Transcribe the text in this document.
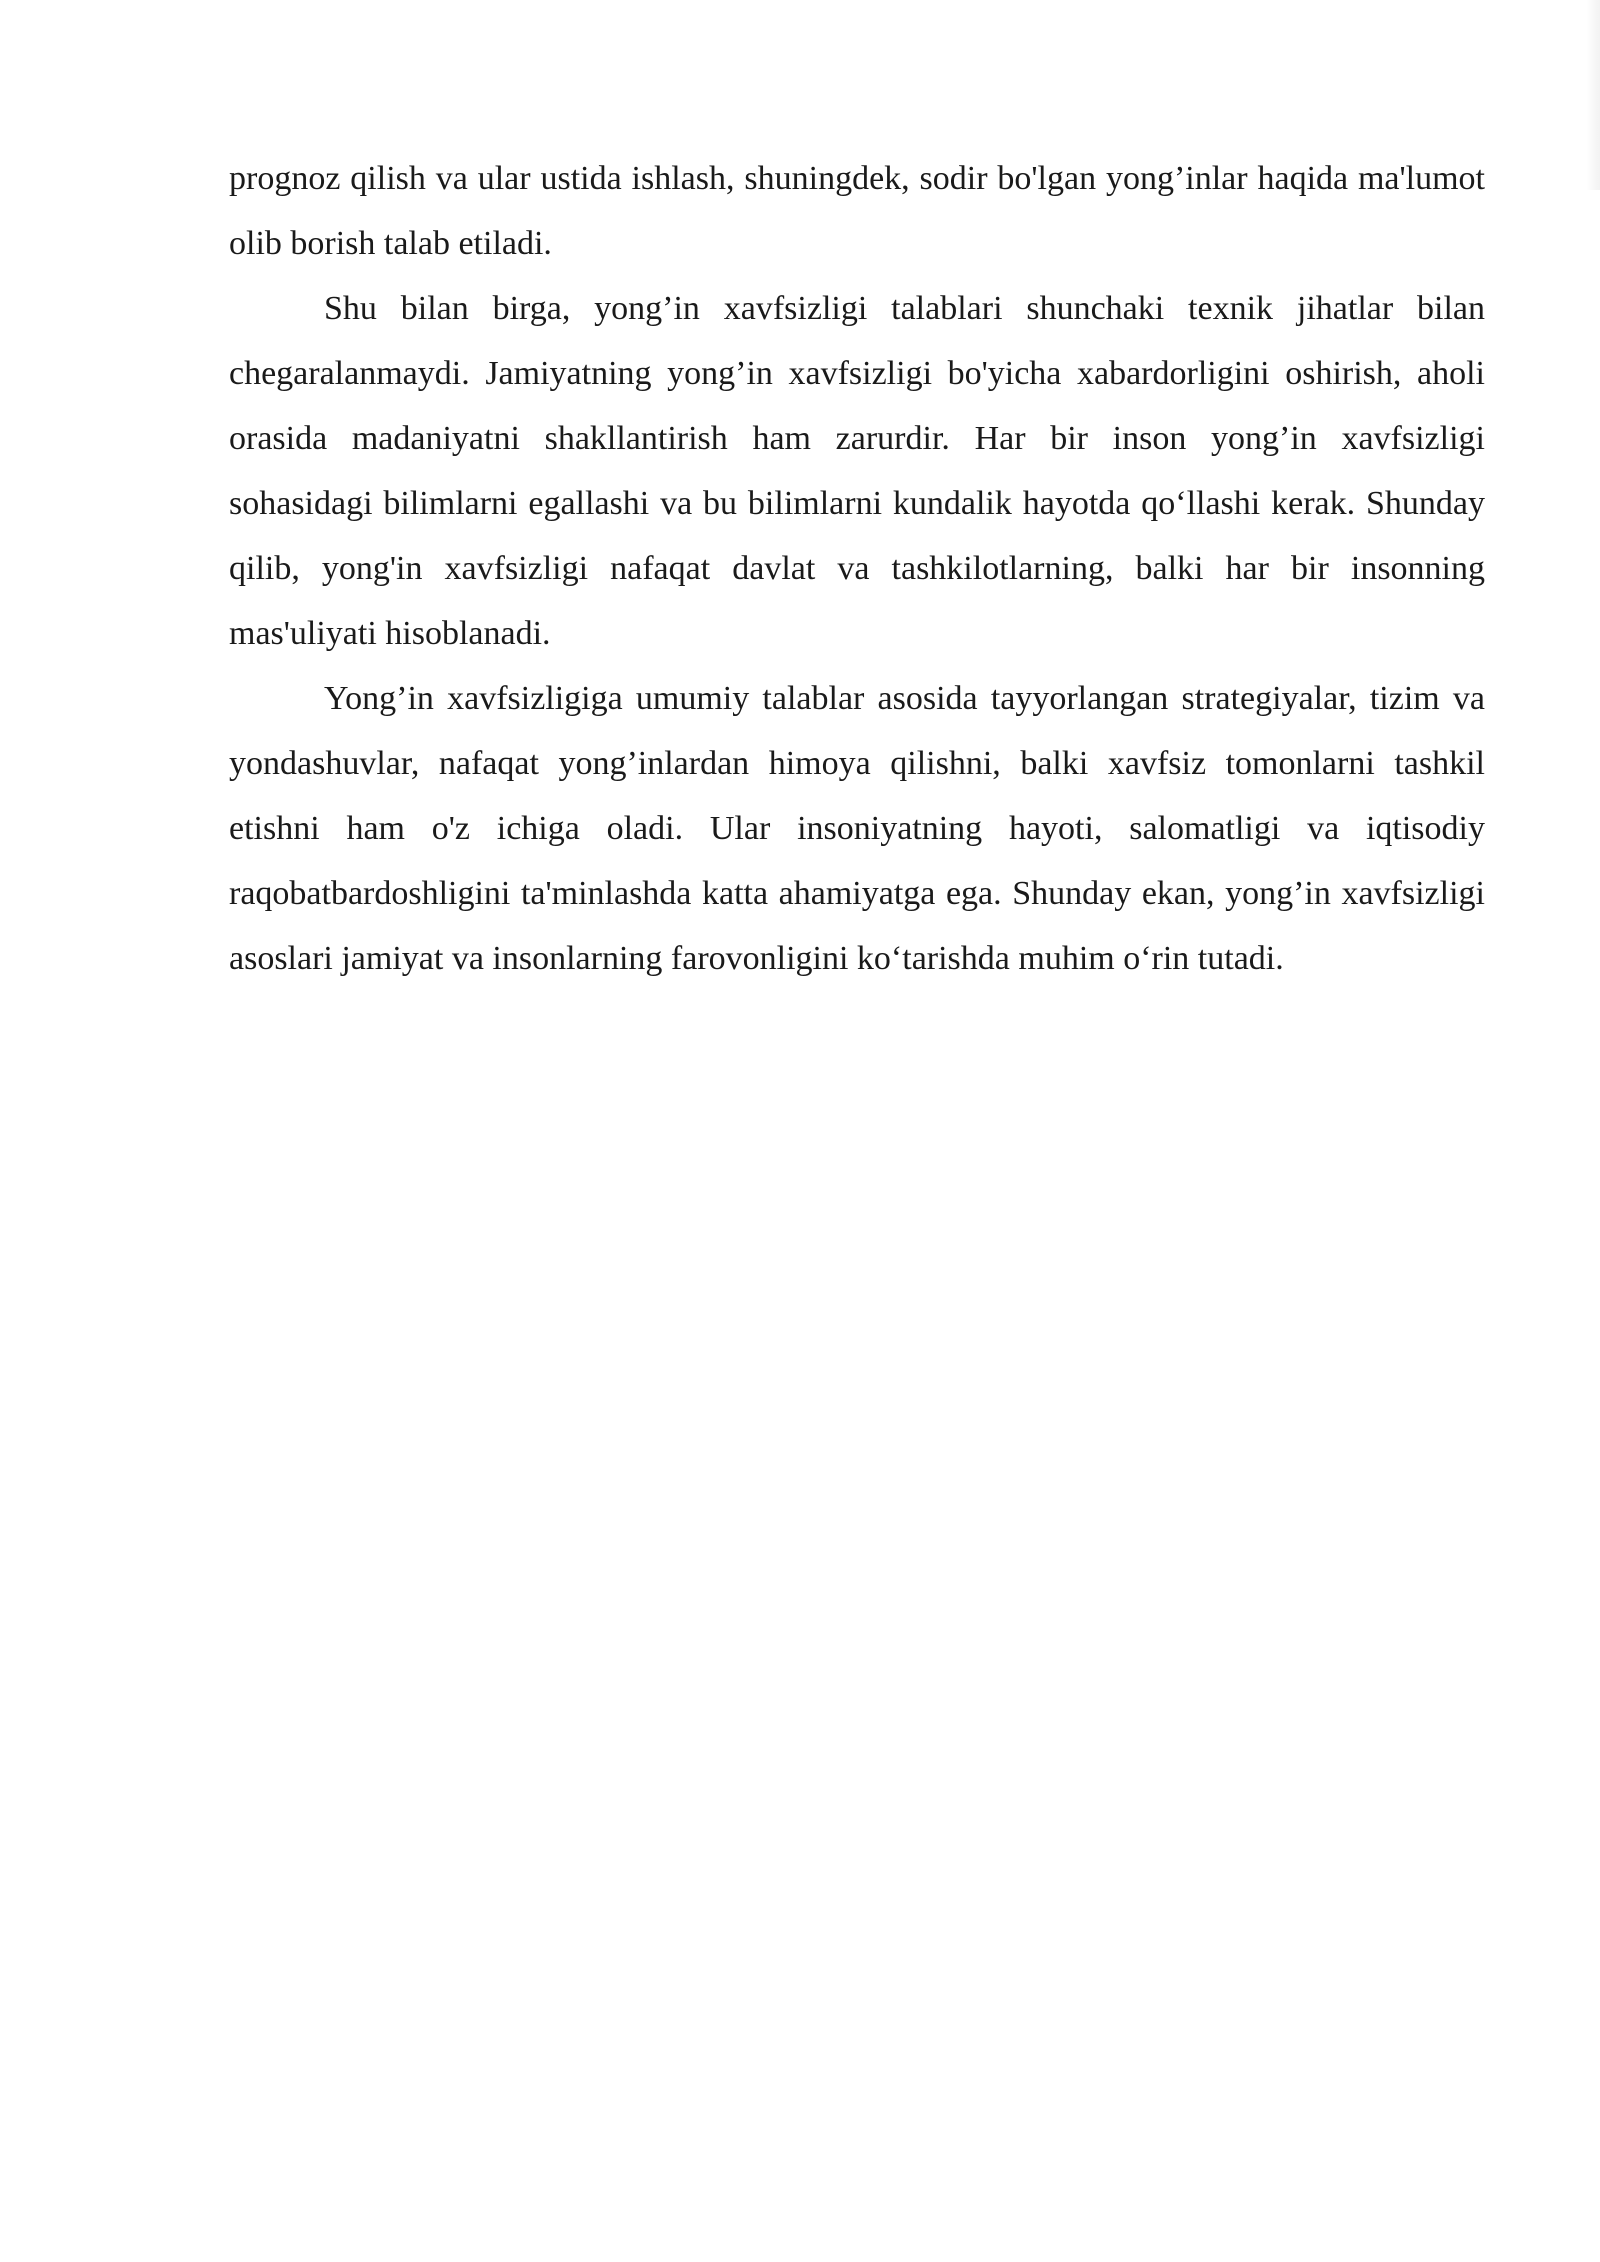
prognoz qilish va ular ustida ishlash, shuningdek, sodir bo'lgan yong’inlar haqida ma'lumot olib borish talab etiladi.

Shu bilan birga, yong’in xavfsizligi talablari shunchaki texnik jihatlar bilan chegaralanmaydi. Jamiyatning yong’in xavfsizligi bo'yicha xabardorligini oshirish, aholi orasida madaniyatni shakllantirish ham zarurdir. Har bir inson yong’in xavfsizligi sohasidagi bilimlarni egallashi va bu bilimlarni kundalik hayotda qo‘llashi kerak. Shunday qilib, yong'in xavfsizligi nafaqat davlat va tashkilotlarning, balki har bir insonning mas'uliyati hisoblanadi.

Yong’in xavfsizligiga umumiy talablar asosida tayyorlangan strategiyalar, tizim va yondashuvlar, nafaqat yong’inlardan himoya qilishni, balki xavfsiz tomonlarni tashkil etishni ham o'z ichiga oladi. Ular insoniyatning hayoti, salomatligi va iqtisodiy raqobatbardoshligini ta'minlashda katta ahamiyatga ega. Shunday ekan, yong’in xavfsizligi asoslari jamiyat va insonlarning farovonligini ko‘tarishda muhim o‘rin tutadi.
